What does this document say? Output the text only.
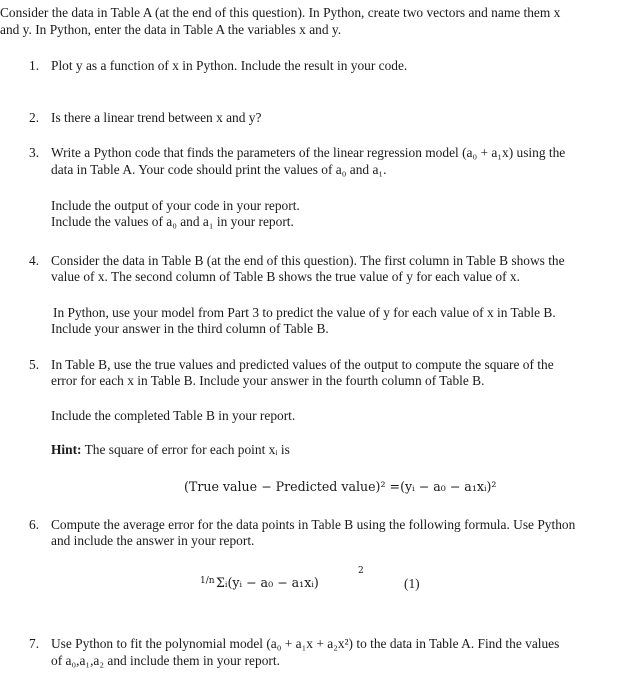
Consider the data in Table A (at the end of this question). In Python, create two vectors and name them x
and y. In Python, enter the data in Table A the variables x and y.
1. Plot y as a function of x in Python. Include the result in your code.
2. Is there a linear trend between x and y?
3. Write a Python code that finds the parameters of the linear regression model (a₀ + a₁x) using the
data in Table A. Your code should print the values of a₀ and a₁.
Include the output of your code in your report.
Include the values of a₀ and a₁ in your report.
4. Consider the data in Table B (at the end of this question). The first column in Table B shows the
value of x. The second column of Table B shows the true value of y for each value of x.
In Python, use your model from Part 3 to predict the value of y for each value of x in Table B.
Include your answer in the third column of Table B.
5. In Table B, use the true values and predicted values of the output to compute the square of the
error for each x in Table B. Include your answer in the fourth column of Table B.
Include the completed Table B in your report.
Hint: The square of error for each point xᵢ is
(True value − Predicted value)² =(yᵢ − a₀ − a₁xᵢ)²
6. Compute the average error for the data points in Table B using the following formula. Use Python
and include the answer in your report.
1/n Σᵢ(yᵢ − a₀ − a₁xᵢ)
2
(1)
7. Use Python to fit the polynomial model (a₀ + a₁x + a₂x²) to the data in Table A. Find the values
of a₀,a₁,a₂ and include them in your report.
